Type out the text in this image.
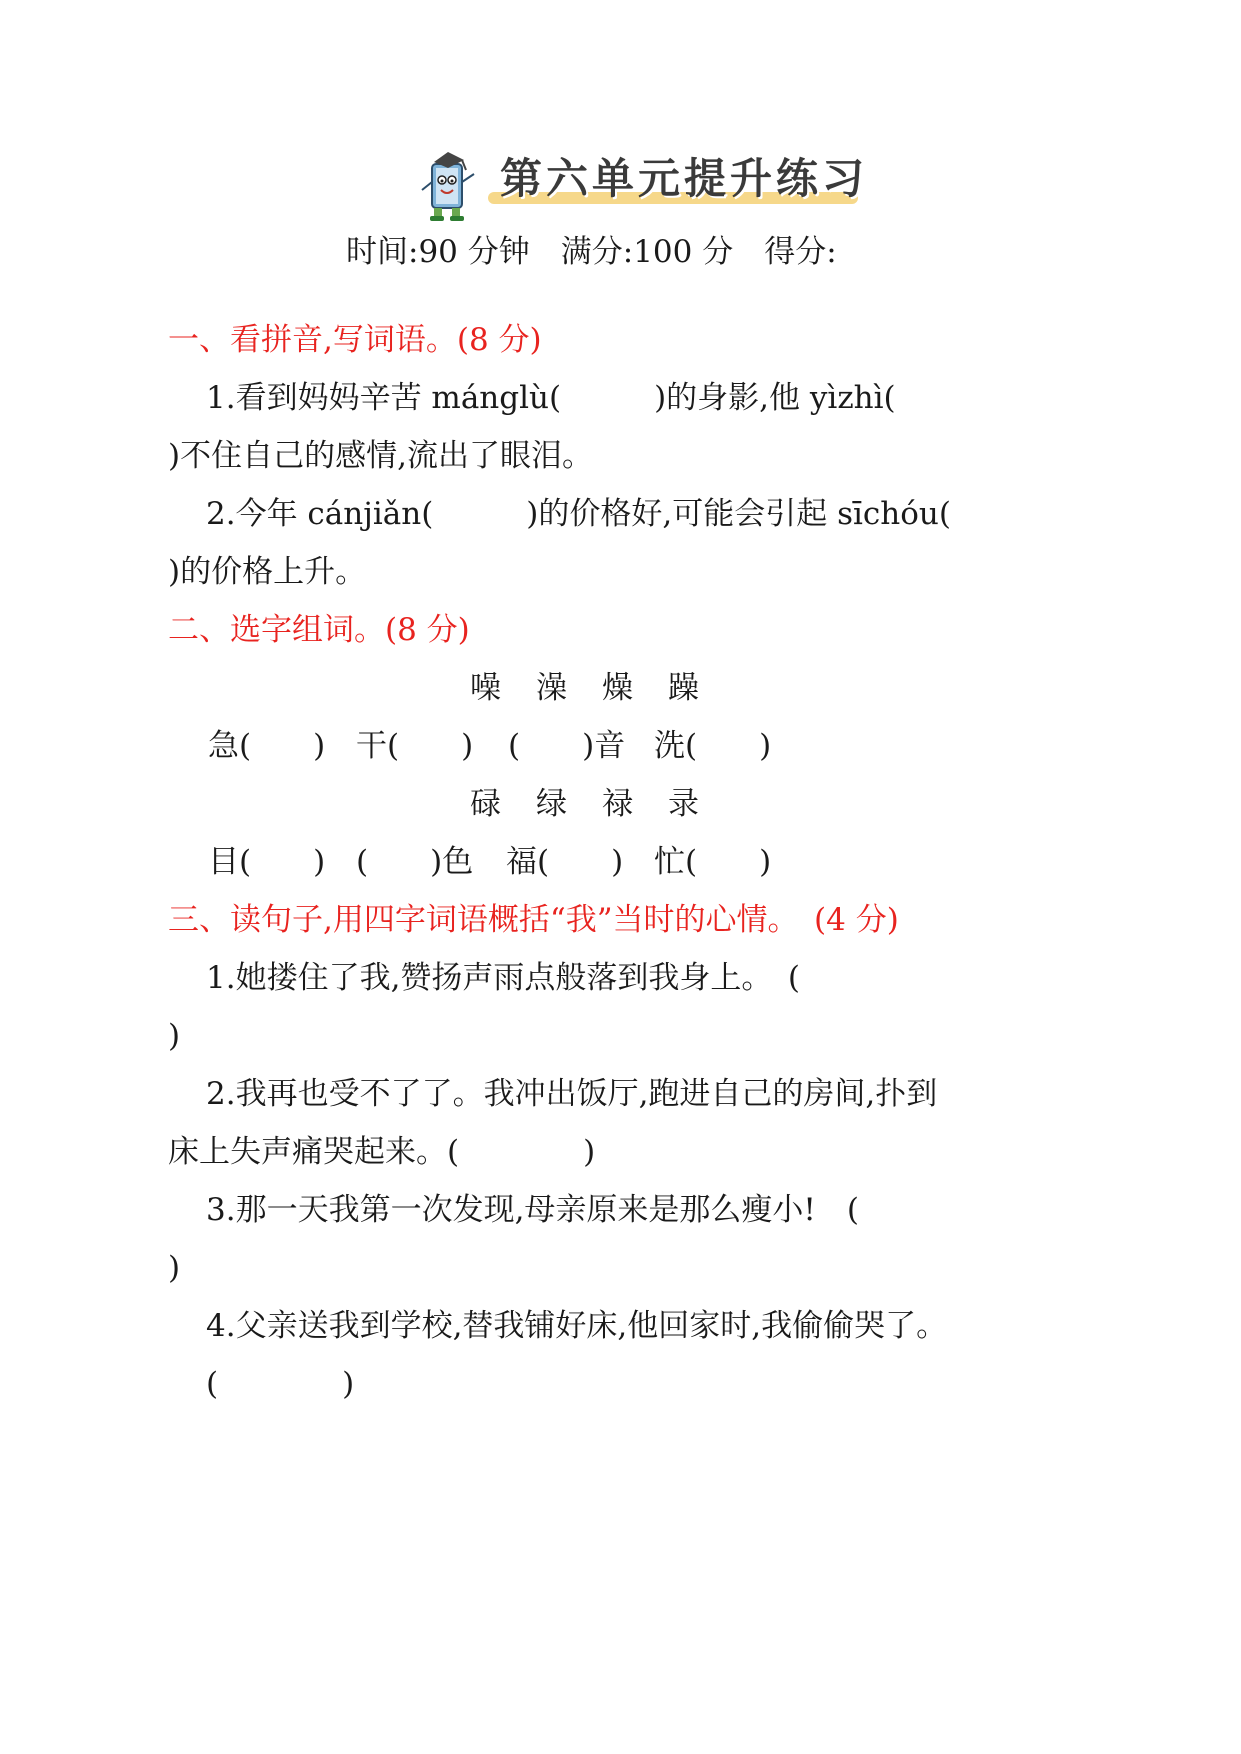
第六单元提升练习
时间:90 分钟　满分:100 分　得分:
一、看拼音,写词语。(8 分)
1.看到妈妈辛苦 mánglù(　　　)的身影,他 yìzhì(
)不住自己的感情,流出了眼泪。
2.今年 cánjiǎn(　　　)的价格好,可能会引起 sīchóu(
)的价格上升。
二、选字组词。(8 分)
噪 澡 燥 躁
急(　　) 干(　　) (　　)音 洗(　　)
碌 绿 禄 录
目(　　) (　　)色 福(　　) 忙(　　)
三、读句子,用四字词语概括“我”当时的心情。　(4 分)
1.她搂住了我,赞扬声雨点般落到我身上。　(
)
2.我再也受不了了。我冲出饭厅,跑进自己的房间,扑到
床上失声痛哭起来。(　　　　)
3.那一天我第一次发现,母亲原来是那么瘦小!　(
)
4.父亲送我到学校,替我铺好床,他回家时,我偷偷哭了。
(　　　　)
